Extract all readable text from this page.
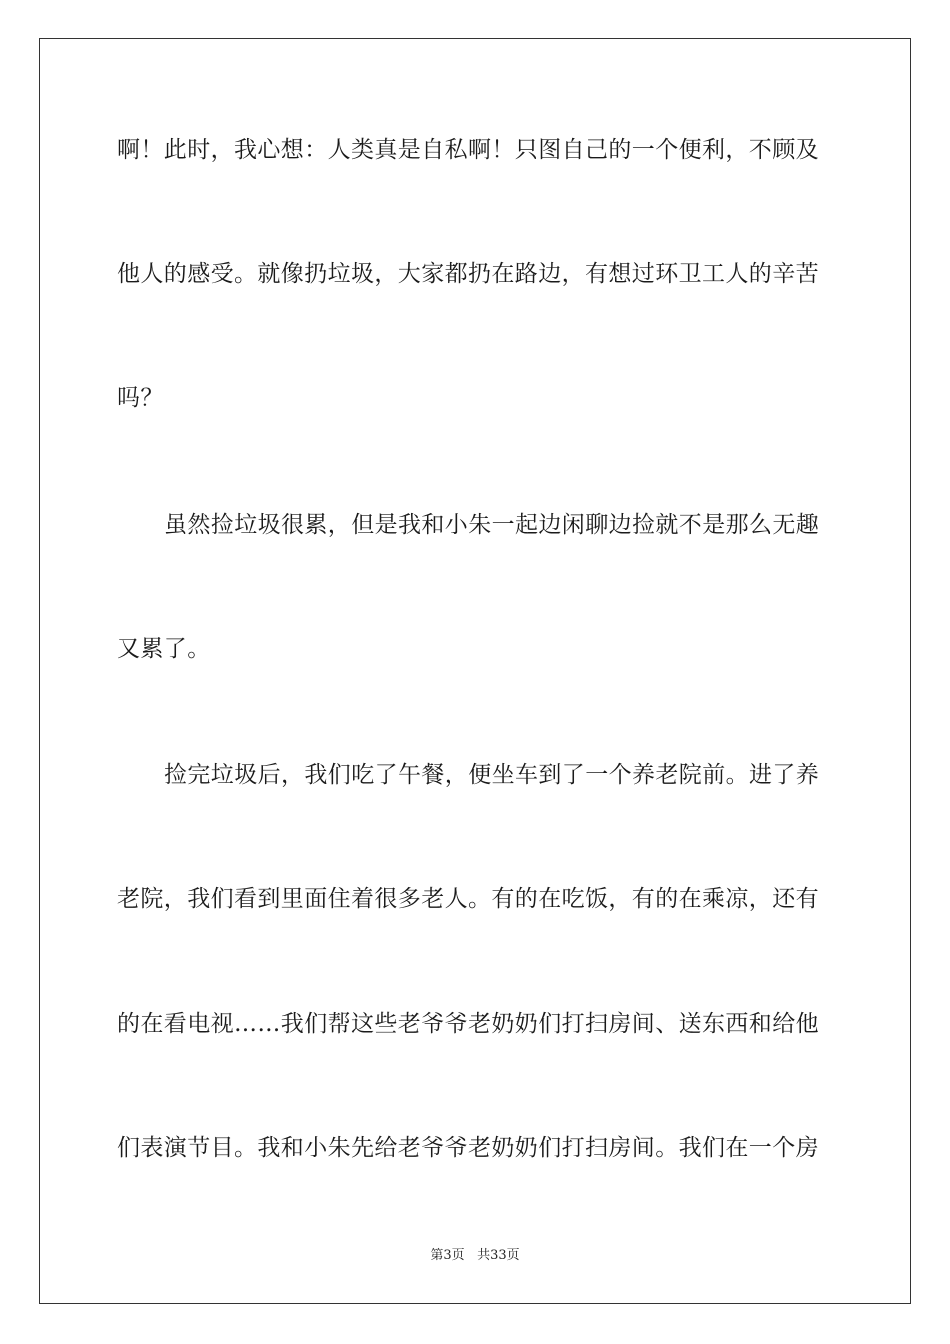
啊！此时，我心想：人类真是自私啊！只图自己的一个便利，不顾及
他人的感受。就像扔垃圾，大家都扔在路边，有想过环卫工人的辛苦
吗？
虽然捡垃圾很累，但是我和小朱一起边闲聊边捡就不是那么无趣
又累了。
捡完垃圾后，我们吃了午餐，便坐车到了一个养老院前。进了养
老院，我们看到里面住着很多老人。有的在吃饭，有的在乘凉，还有
的在看电视……我们帮这些老爷爷老奶奶们打扫房间、送东西和给他
们表演节目。我和小朱先给老爷爷老奶奶们打扫房间。我们在一个房
第3页 共33页
